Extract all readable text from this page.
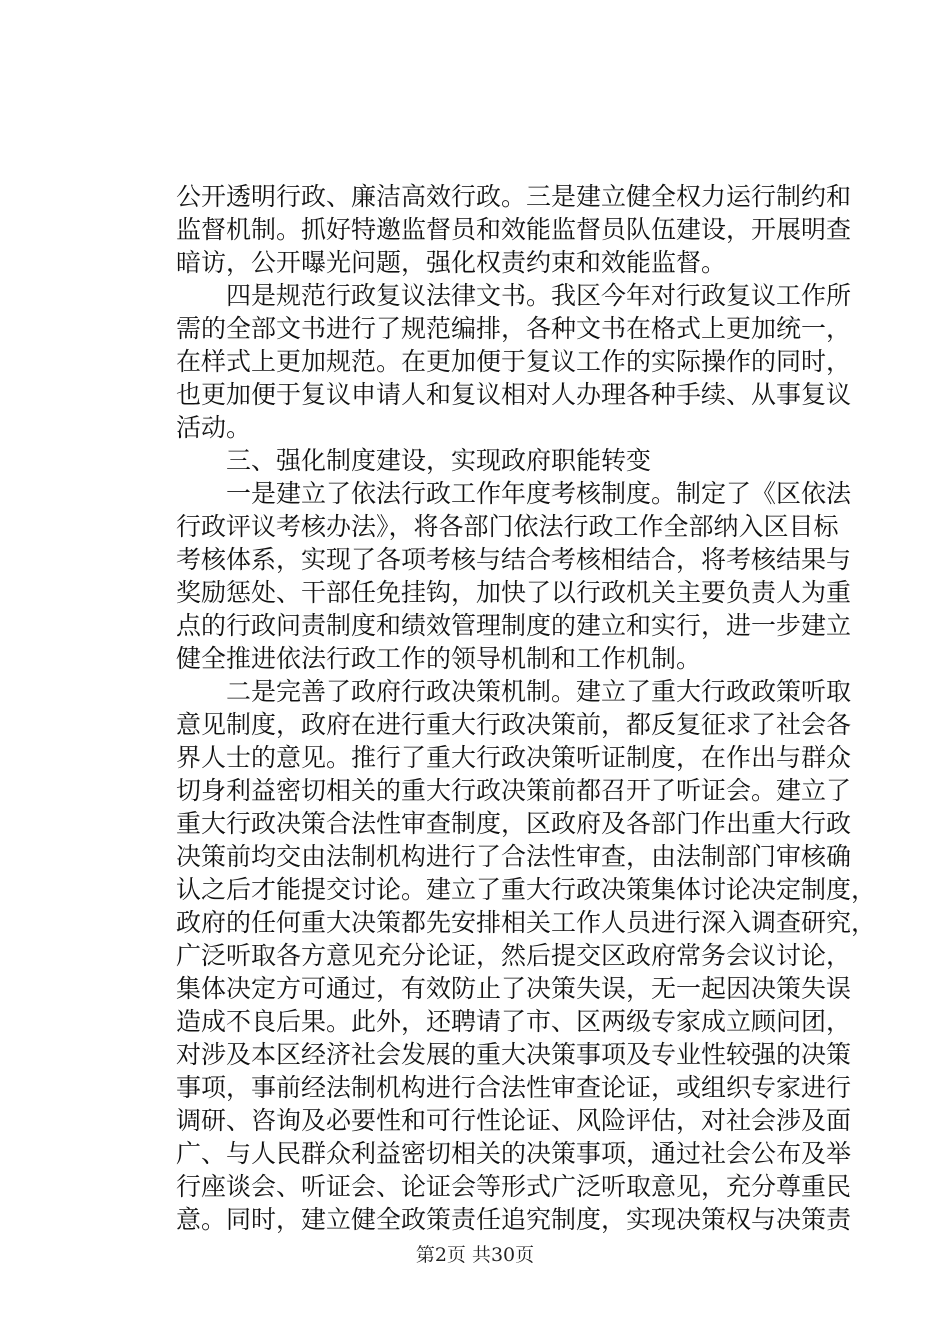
公开透明行政、廉洁高效行政。三是建立健全权力运行制约和
监督机制。抓好特邀监督员和效能监督员队伍建设，开展明查
暗访，公开曝光问题，强化权责约束和效能监督。
四是规范行政复议法律文书。我区今年对行政复议工作所
需的全部文书进行了规范编排，各种文书在格式上更加统一，
在样式上更加规范。在更加便于复议工作的实际操作的同时，
也更加便于复议申请人和复议相对人办理各种手续、从事复议
活动。
三、强化制度建设，实现政府职能转变
一是建立了依法行政工作年度考核制度。制定了《区依法
行政评议考核办法》，将各部门依法行政工作全部纳入区目标
考核体系，实现了各项考核与结合考核相结合，将考核结果与
奖励惩处、干部任免挂钩，加快了以行政机关主要负责人为重
点的行政问责制度和绩效管理制度的建立和实行，进一步建立
健全推进依法行政工作的领导机制和工作机制。
二是完善了政府行政决策机制。建立了重大行政政策听取
意见制度，政府在进行重大行政决策前，都反复征求了社会各
界人士的意见。推行了重大行政决策听证制度，在作出与群众
切身利益密切相关的重大行政决策前都召开了听证会。建立了
重大行政决策合法性审查制度，区政府及各部门作出重大行政
决策前均交由法制机构进行了合法性审查，由法制部门审核确
认之后才能提交讨论。建立了重大行政决策集体讨论决定制度，
政府的任何重大决策都先安排相关工作人员进行深入调查研究，
广泛听取各方意见充分论证，然后提交区政府常务会议讨论，
集体决定方可通过，有效防止了决策失误，无一起因决策失误
造成不良后果。此外，还聘请了市、区两级专家成立顾问团，
对涉及本区经济社会发展的重大决策事项及专业性较强的决策
事项，事前经法制机构进行合法性审查论证，或组织专家进行
调研、咨询及必要性和可行性论证、风险评估，对社会涉及面
广、与人民群众利益密切相关的决策事项，通过社会公布及举
行座谈会、听证会、论证会等形式广泛听取意见，充分尊重民
意。同时，建立健全政策责任追究制度，实现决策权与决策责
第2页 共30页
